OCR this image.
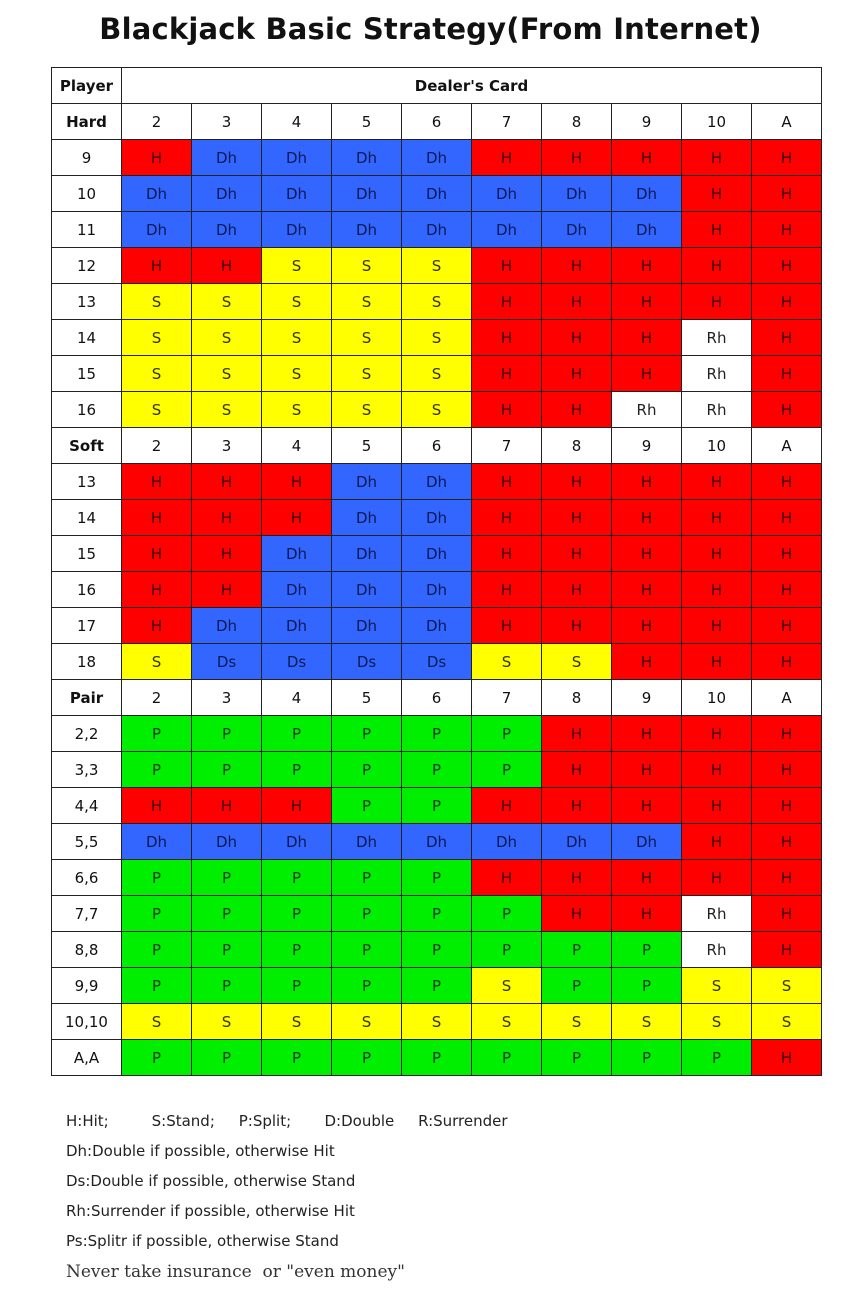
Blackjack Basic Strategy(From Internet)
Player	Dealer's Card									
Hard	2	3	4	5	6	7	8	9	10	A
9	H	Dh	Dh	Dh	Dh	H	H	H	H	H
10	Dh	Dh	Dh	Dh	Dh	Dh	Dh	Dh	H	H
11	Dh	Dh	Dh	Dh	Dh	Dh	Dh	Dh	H	H
12	H	H	S	S	S	H	H	H	H	H
13	S	S	S	S	S	H	H	H	H	H
14	S	S	S	S	S	H	H	H	Rh	H
15	S	S	S	S	S	H	H	H	Rh	H
16	S	S	S	S	S	H	H	Rh	Rh	H
Soft	2	3	4	5	6	7	8	9	10	A
13	H	H	H	Dh	Dh	H	H	H	H	H
14	H	H	H	Dh	Dh	H	H	H	H	H
15	H	H	Dh	Dh	Dh	H	H	H	H	H
16	H	H	Dh	Dh	Dh	H	H	H	H	H
17	H	Dh	Dh	Dh	Dh	H	H	H	H	H
18	S	Ds	Ds	Ds	Ds	S	S	H	H	H
Pair	2	3	4	5	6	7	8	9	10	A
2,2	P	P	P	P	P	P	H	H	H	H
3,3	P	P	P	P	P	P	H	H	H	H
4,4	H	H	H	P	P	H	H	H	H	H
5,5	Dh	Dh	Dh	Dh	Dh	Dh	Dh	Dh	H	H
6,6	P	P	P	P	P	H	H	H	H	H
7,7	P	P	P	P	P	P	H	H	Rh	H
8,8	P	P	P	P	P	P	P	P	Rh	H
9,9	P	P	P	P	P	S	P	P	S	S
10,10	S	S	S	S	S	S	S	S	S	S
A,A	P	P	P	P	P	P	P	P	P	H
H:Hit;         S:Stand;     P:Split;       D:Double     R:Surrender
Dh:Double if possible, otherwise Hit
Ds:Double if possible, otherwise Stand
Rh:Surrender if possible, otherwise Hit
Ps:Splitr if possible, otherwise Stand
Never take insurance  or "even money"
